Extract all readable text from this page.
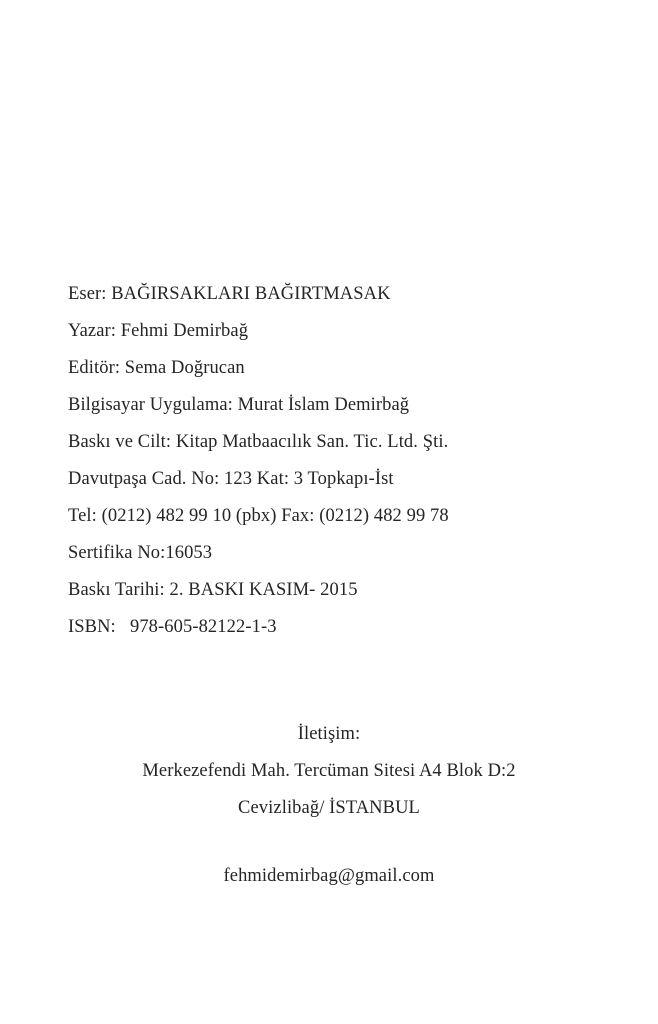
Eser: BAĞIRSAKLARI BAĞIRTMASAK
Yazar: Fehmi Demirbağ
Editör: Sema Doğrucan
Bilgisayar Uygulama: Murat İslam Demirbağ
Baskı ve Cilt: Kitap Matbaacılık San. Tic. Ltd. Şti.
Davutpaşa Cad. No: 123 Kat: 3 Topkapı-İst
Tel: (0212) 482 99 10 (pbx) Fax: (0212) 482 99 78
Sertifika No:16053
Baskı Tarihi: 2. BASKI KASIM- 2015
ISBN:   978-605-82122-1-3
İletişim:
Merkezefendi Mah. Tercüman Sitesi A4 Blok D:2
Cevizlibağ/ İSTANBUL
fehmidemirbag@gmail.com
